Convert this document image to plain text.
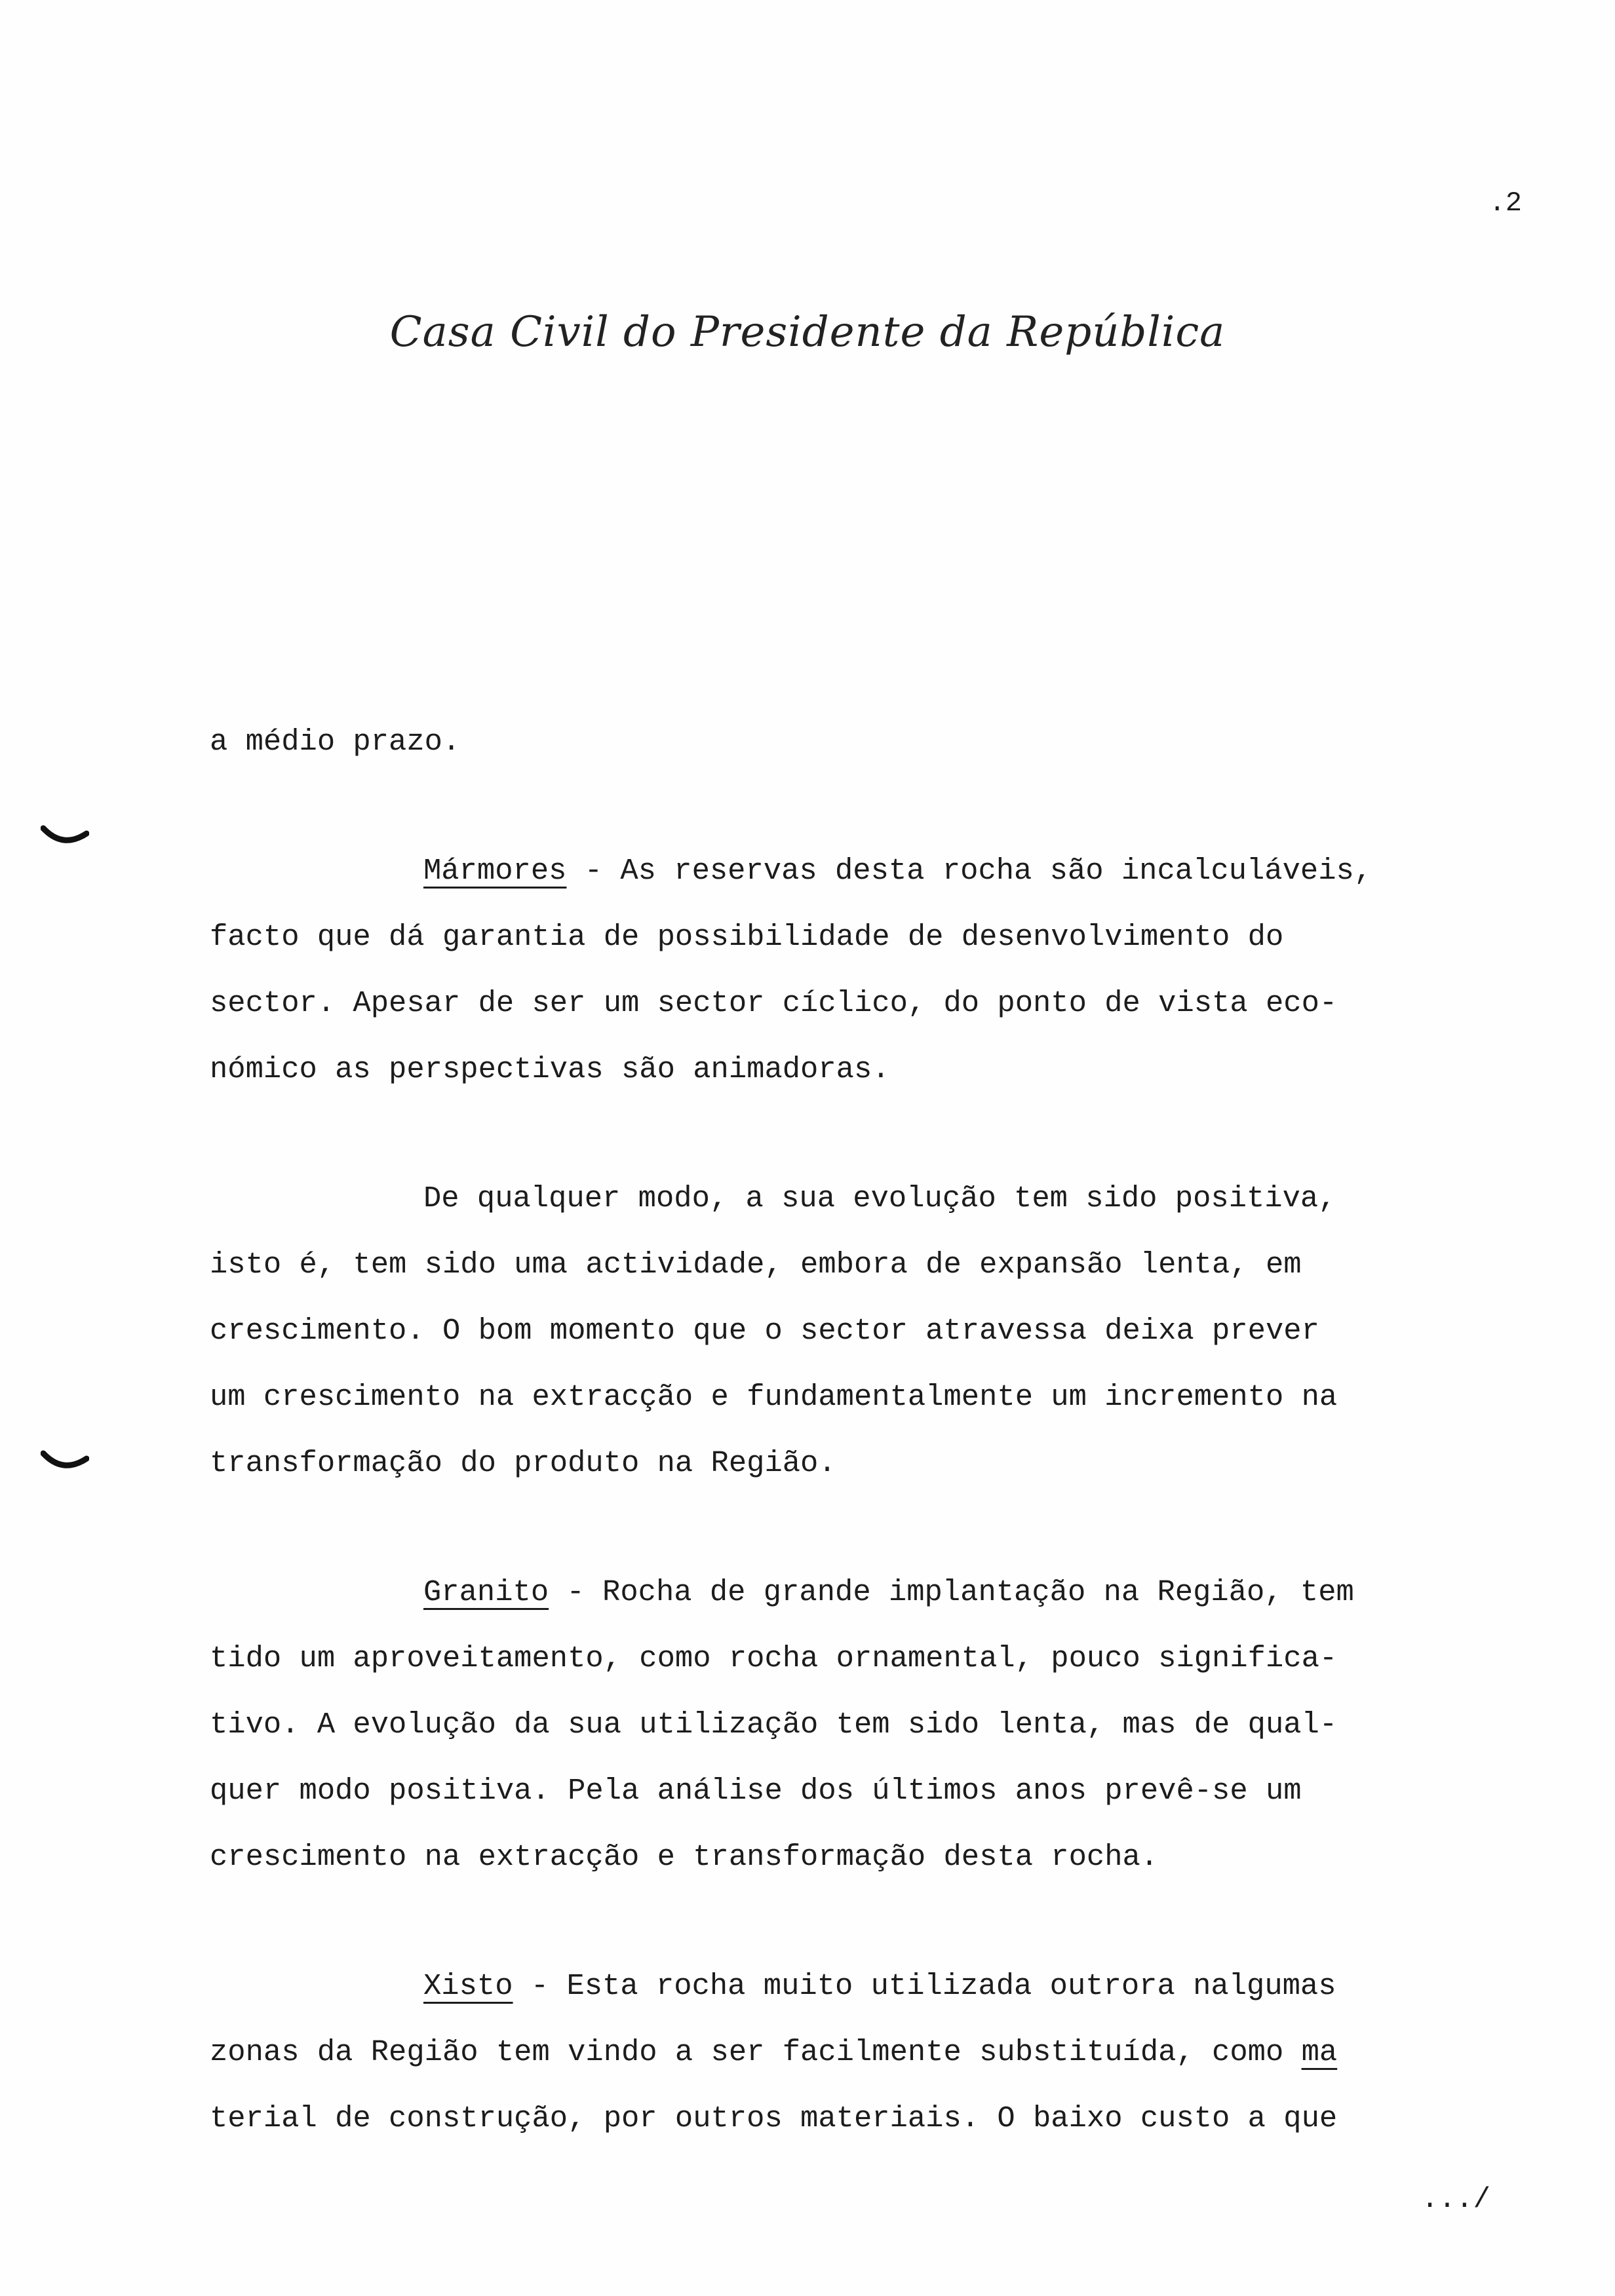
.2
Casa Civil do Presidente da República
a médio prazo.
Mármores - As reservas desta rocha são incalculáveis,
facto que dá garantia de possibilidade de desenvolvimento do
sector. Apesar de ser um sector cíclico, do ponto de vista eco-
nómico as perspectivas são animadoras.
De qualquer modo, a sua evolução tem sido positiva,
isto é, tem sido uma actividade, embora de expansão lenta, em
crescimento. O bom momento que o sector atravessa deixa prever
um crescimento na extracção e fundamentalmente um incremento na
transformação do produto na Região.
Granito - Rocha de grande implantação na Região, tem
tido um aproveitamento, como rocha ornamental, pouco significa-
tivo. A evolução da sua utilização tem sido lenta, mas de qual-
quer modo positiva. Pela análise dos últimos anos prevê-se um
crescimento na extracção e transformação desta rocha.
Xisto - Esta rocha muito utilizada outrora nalgumas
zonas da Região tem vindo a ser facilmente substituída, como ma
terial de construção, por outros materiais. O baixo custo a que
.../
